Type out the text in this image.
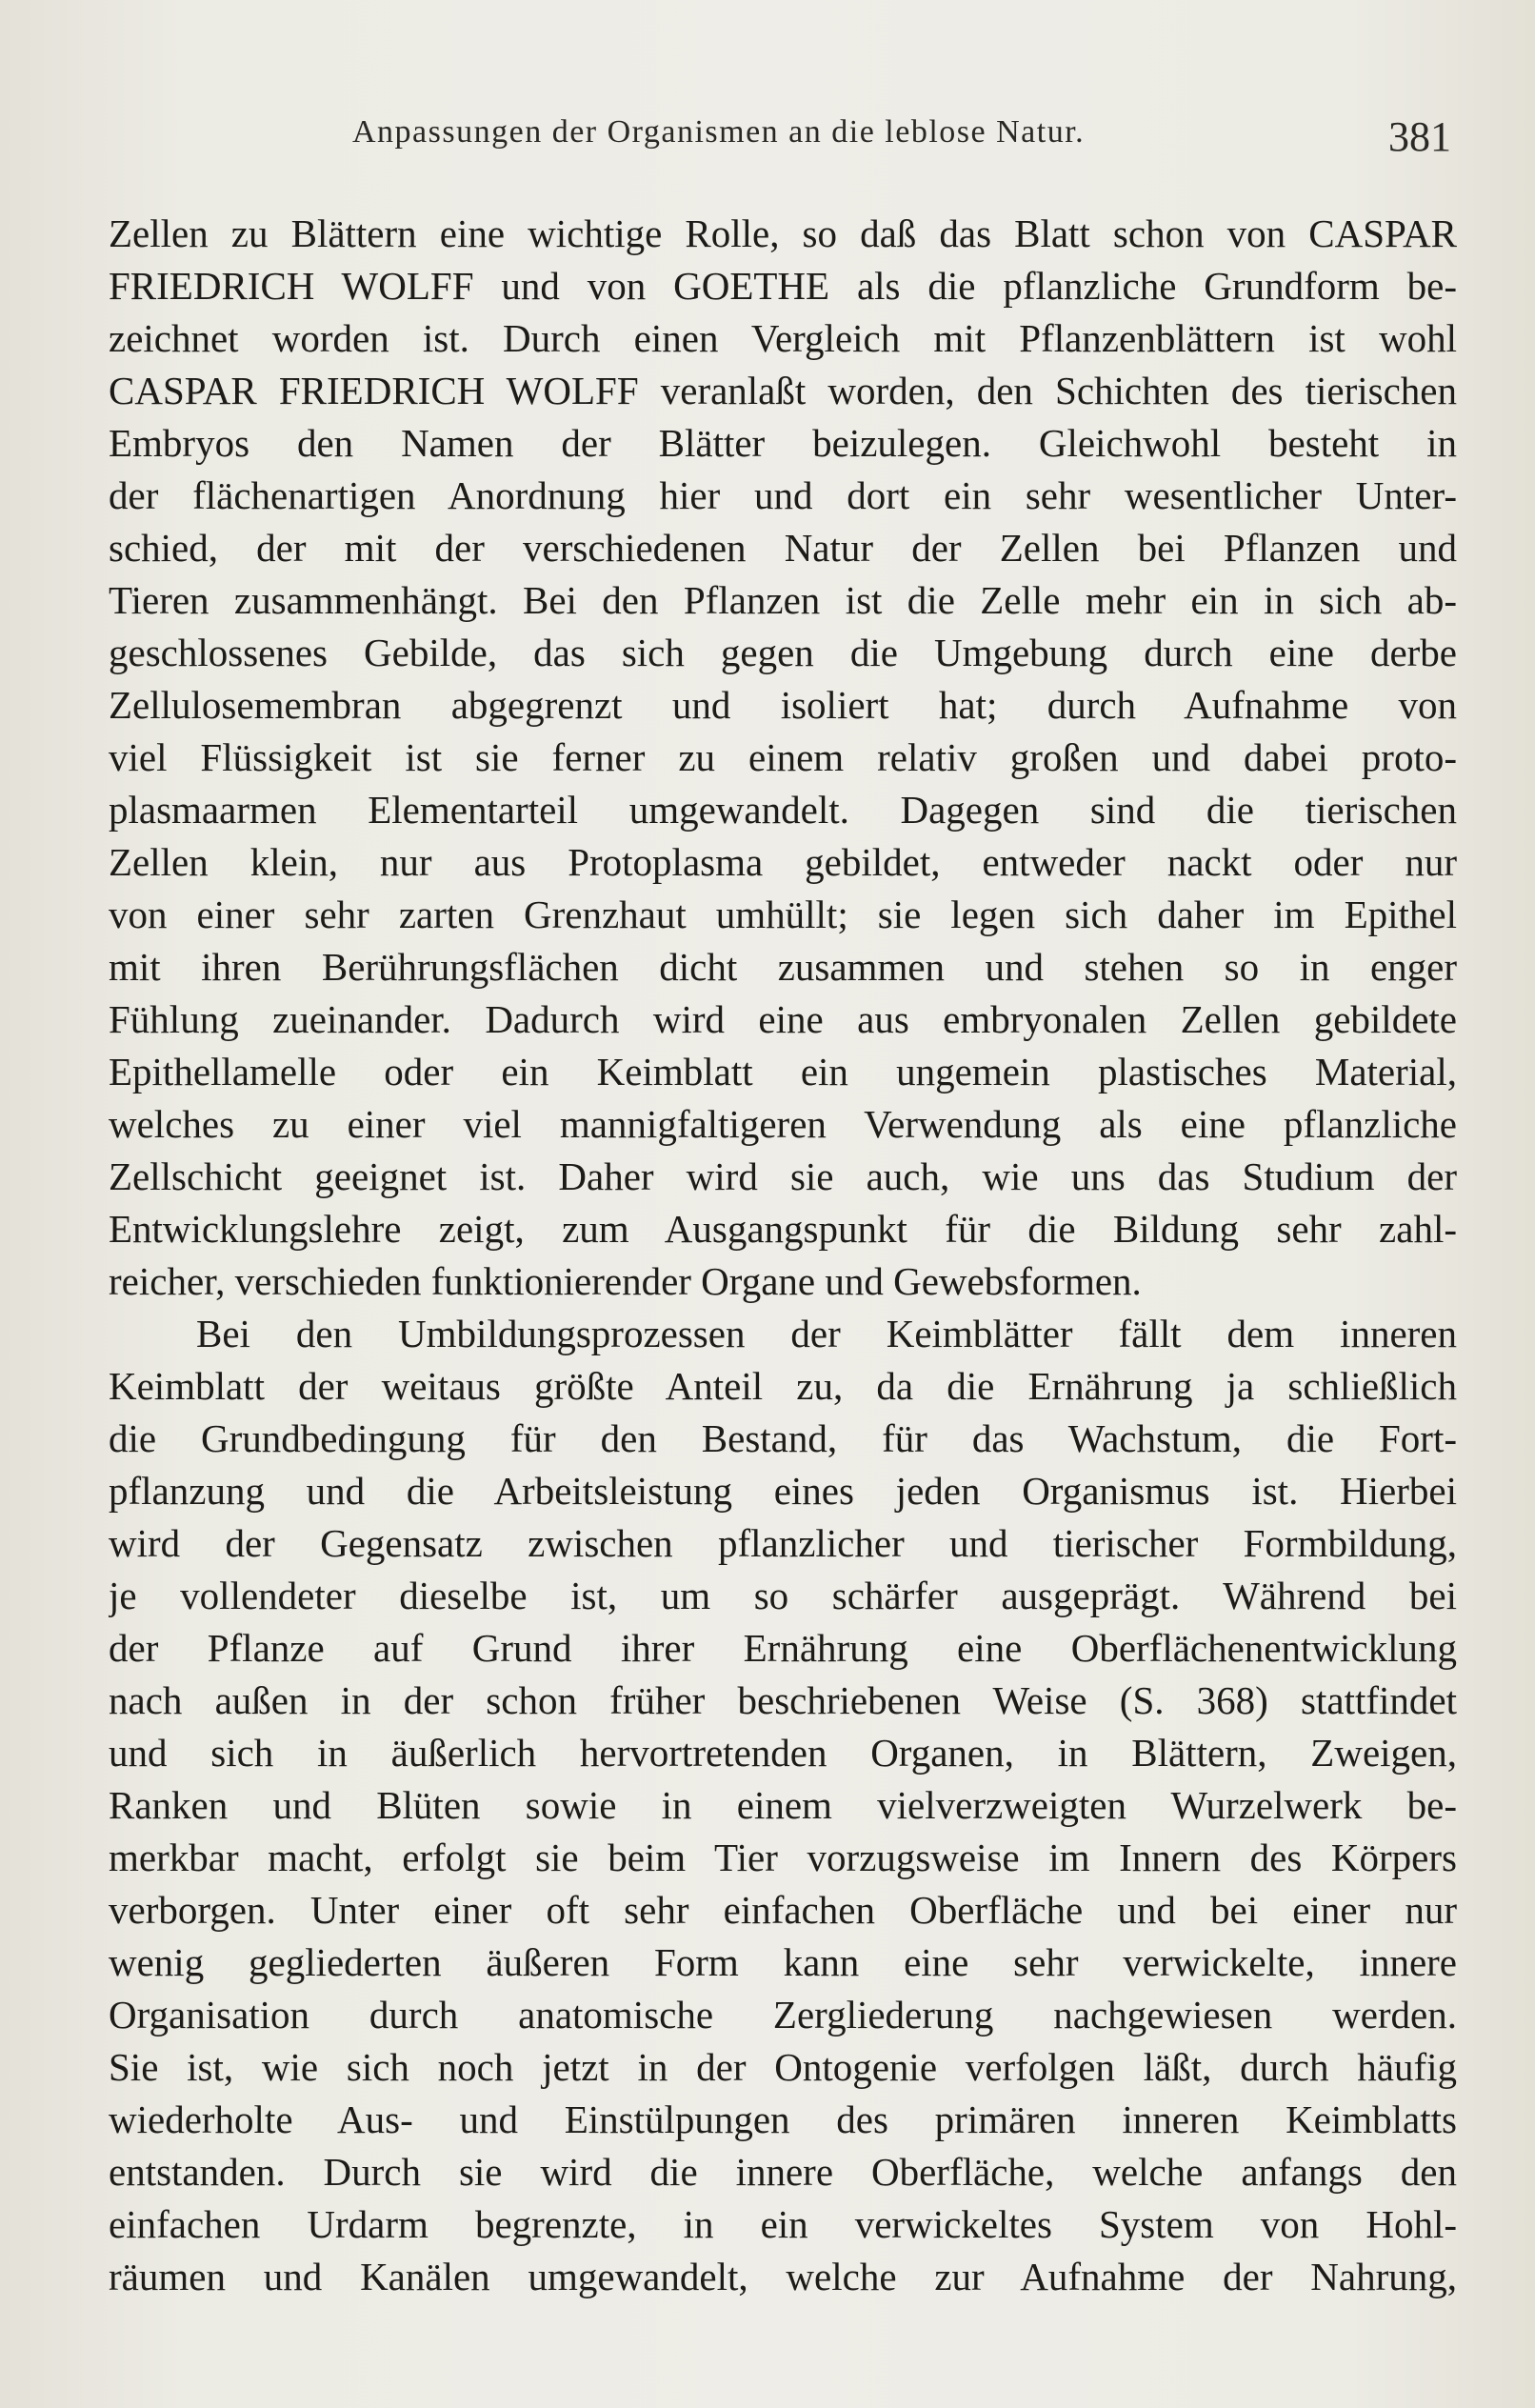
Anpassungen der Organismen an die leblose Natur.	381
Zellen zu Blättern eine wichtige Rolle, so daß das Blatt schon von CASPAR
FRIEDRICH WOLFF und von GOETHE als die pflanzliche Grundform be-
zeichnet worden ist. Durch einen Vergleich mit Pflanzenblättern ist wohl
CASPAR FRIEDRICH WOLFF veranlaßt worden, den Schichten des tierischen
Embryos den Namen der Blätter beizulegen. Gleichwohl besteht in
der flächenartigen Anordnung hier und dort ein sehr wesentlicher Unter-
schied, der mit der verschiedenen Natur der Zellen bei Pflanzen und
Tieren zusammenhängt. Bei den Pflanzen ist die Zelle mehr ein in sich ab-
geschlossenes Gebilde, das sich gegen die Umgebung durch eine derbe
Zellulosemembran abgegrenzt und isoliert hat; durch Aufnahme von
viel Flüssigkeit ist sie ferner zu einem relativ großen und dabei proto-
plasmaarmen Elementarteil umgewandelt. Dagegen sind die tierischen
Zellen klein, nur aus Protoplasma gebildet, entweder nackt oder nur
von einer sehr zarten Grenzhaut umhüllt; sie legen sich daher im Epithel
mit ihren Berührungsflächen dicht zusammen und stehen so in enger
Fühlung zueinander. Dadurch wird eine aus embryonalen Zellen gebildete
Epithellamelle oder ein Keimblatt ein ungemein plastisches Material,
welches zu einer viel mannigfaltigeren Verwendung als eine pflanzliche
Zellschicht geeignet ist. Daher wird sie auch, wie uns das Studium der
Entwicklungslehre zeigt, zum Ausgangspunkt für die Bildung sehr zahl-
reicher, verschieden funktionierender Organe und Gewebsformen.
Bei den Umbildungsprozessen der Keimblätter fällt dem inneren
Keimblatt der weitaus größte Anteil zu, da die Ernährung ja schließlich
die Grundbedingung für den Bestand, für das Wachstum, die Fort-
pflanzung und die Arbeitsleistung eines jeden Organismus ist. Hierbei
wird der Gegensatz zwischen pflanzlicher und tierischer Formbildung,
je vollendeter dieselbe ist, um so schärfer ausgeprägt. Während bei
der Pflanze auf Grund ihrer Ernährung eine Oberflächenentwicklung
nach außen in der schon früher beschriebenen Weise (S. 368) stattfindet
und sich in äußerlich hervortretenden Organen, in Blättern, Zweigen,
Ranken und Blüten sowie in einem vielverzweigten Wurzelwerk be-
merkbar macht, erfolgt sie beim Tier vorzugsweise im Innern des Körpers
verborgen. Unter einer oft sehr einfachen Oberfläche und bei einer nur
wenig gegliederten äußeren Form kann eine sehr verwickelte, innere
Organisation durch anatomische Zergliederung nachgewiesen werden.
Sie ist, wie sich noch jetzt in der Ontogenie verfolgen läßt, durch häufig
wiederholte Aus- und Einstülpungen des primären inneren Keimblatts
entstanden. Durch sie wird die innere Oberfläche, welche anfangs den
einfachen Urdarm begrenzte, in ein verwickeltes System von Hohl-
räumen und Kanälen umgewandelt, welche zur Aufnahme der Nahrung,
